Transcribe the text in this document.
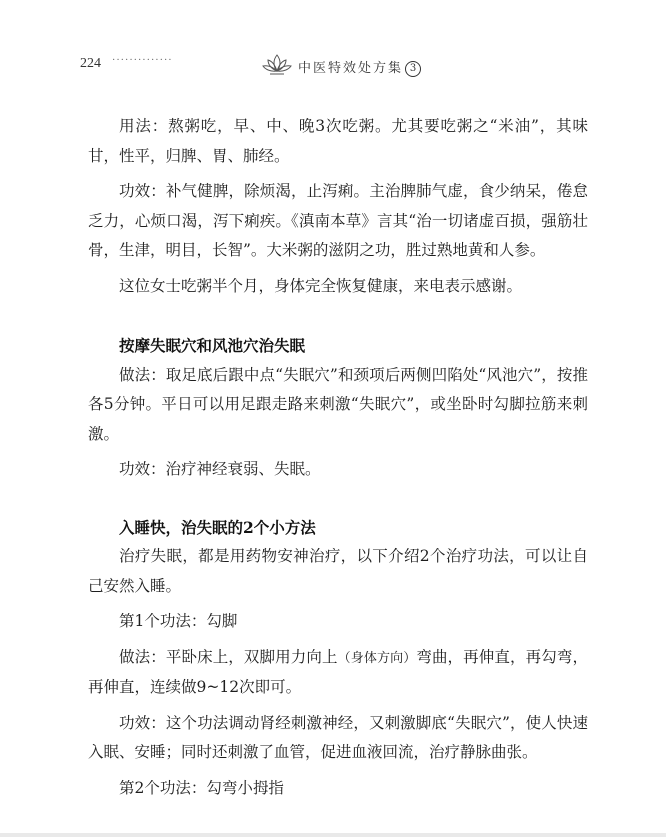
224 ··············
中医特效处方集 3

用法：熬粥吃，早、中、晚3次吃粥。尤其要吃粥之“米油”，其味甘，性平，归脾、胃、肺经。

功效：补气健脾，除烦渴，止泻痢。主治脾肺气虚，食少纳呆，倦怠乏力，心烦口渴，泻下痢疾。《滇南本草》言其“治一切诸虚百损，强筋壮骨，生津，明目，长智”。大米粥的滋阴之功，胜过熟地黄和人参。

这位女士吃粥半个月，身体完全恢复健康，来电表示感谢。

按摩失眠穴和风池穴治失眠

做法：取足底后跟中点“失眠穴”和颈项后两侧凹陷处“风池穴”，按推各5分钟。平日可以用足跟走路来刺激“失眠穴”，或坐卧时勾脚拉筋来刺激。

功效：治疗神经衰弱、失眠。

入睡快，治失眠的2个小方法

治疗失眠，都是用药物安神治疗，以下介绍2个治疗功法，可以让自己安然入睡。

第1个功法：勾脚

做法：平卧床上，双脚用力向上（身体方向）弯曲，再伸直，再勾弯，再伸直，连续做9~12次即可。

功效：这个功法调动肾经刺激神经，又刺激脚底“失眠穴”，使人快速入眠、安睡；同时还刺激了血管，促进血液回流，治疗静脉曲张。

第2个功法：勾弯小拇指
